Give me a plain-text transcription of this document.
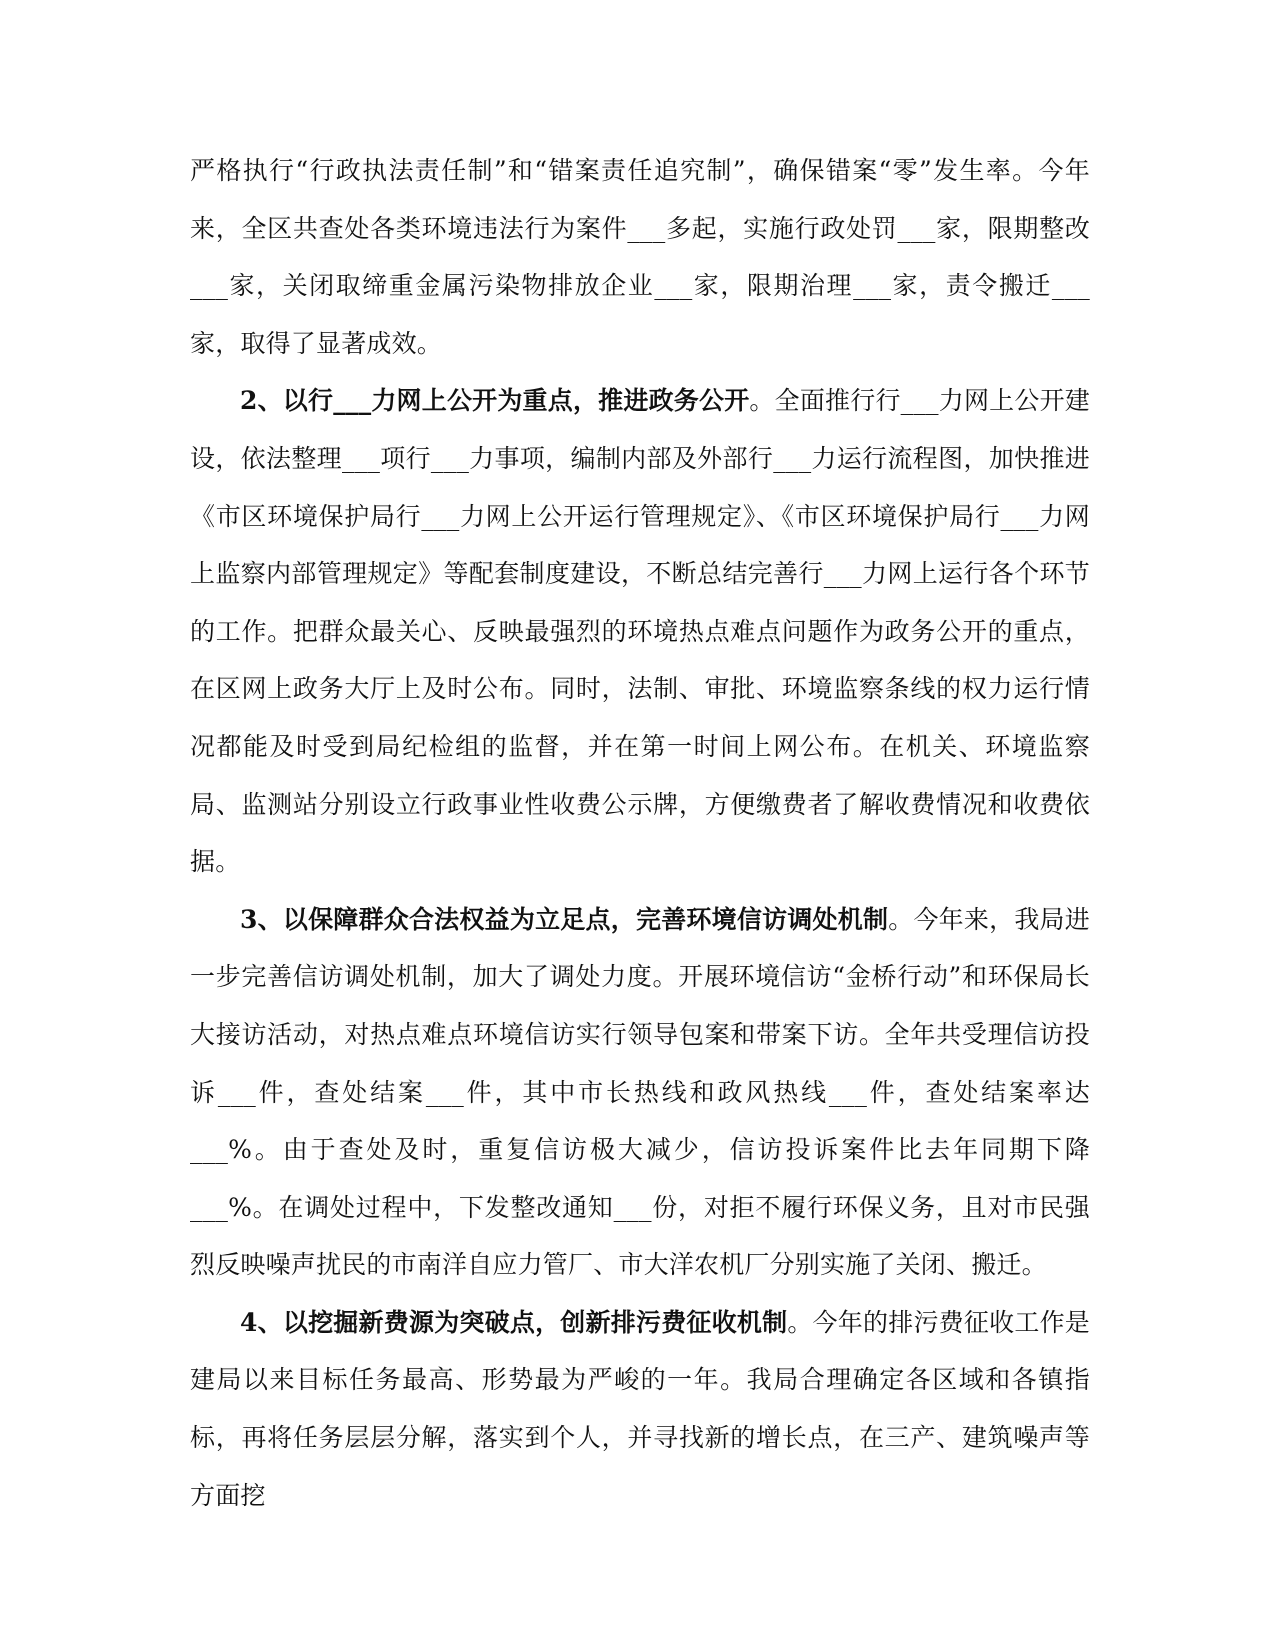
严格执行“行政执法责任制”和“错案责任追究制”，确保错案“零”发生率。今年来，全区共查处各类环境违法行为案件___多起，实施行政处罚___家，限期整改___家，关闭取缔重金属污染物排放企业___家，限期治理___家，责令搬迁___家，取得了显著成效。

2、以行___力网上公开为重点，推进政务公开。全面推行行___力网上公开建设，依法整理___项行___力事项，编制内部及外部行___力运行流程图，加快推进《市区环境保护局行___力网上公开运行管理规定》、《市区环境保护局行___力网上监察内部管理规定》等配套制度建设，不断总结完善行___力网上运行各个环节的工作。把群众最关心、反映最强烈的环境热点难点问题作为政务公开的重点，在区网上政务大厅上及时公布。同时，法制、审批、环境监察条线的权力运行情况都能及时受到局纪检组的监督，并在第一时间上网公布。在机关、环境监察局、监测站分别设立行政事业性收费公示牌，方便缴费者了解收费情况和收费依据。

3、以保障群众合法权益为立足点，完善环境信访调处机制。今年来，我局进一步完善信访调处机制，加大了调处力度。开展环境信访“金桥行动”和环保局长大接访活动，对热点难点环境信访实行领导包案和带案下访。全年共受理信访投诉___件，查处结案___件，其中市长热线和政风热线___件，查处结案率达___%。由于查处及时，重复信访极大减少，信访投诉案件比去年同期下降___%。在调处过程中，下发整改通知___份，对拒不履行环保义务，且对市民强烈反映噪声扰民的市南洋自应力管厂、市大洋农机厂分别实施了关闭、搬迁。

4、以挖掘新费源为突破点，创新排污费征收机制。今年的排污费征收工作是建局以来目标任务最高、形势最为严峻的一年。我局合理确定各区域和各镇指标，再将任务层层分解，落实到个人，并寻找新的增长点，在三产、建筑噪声等方面挖
